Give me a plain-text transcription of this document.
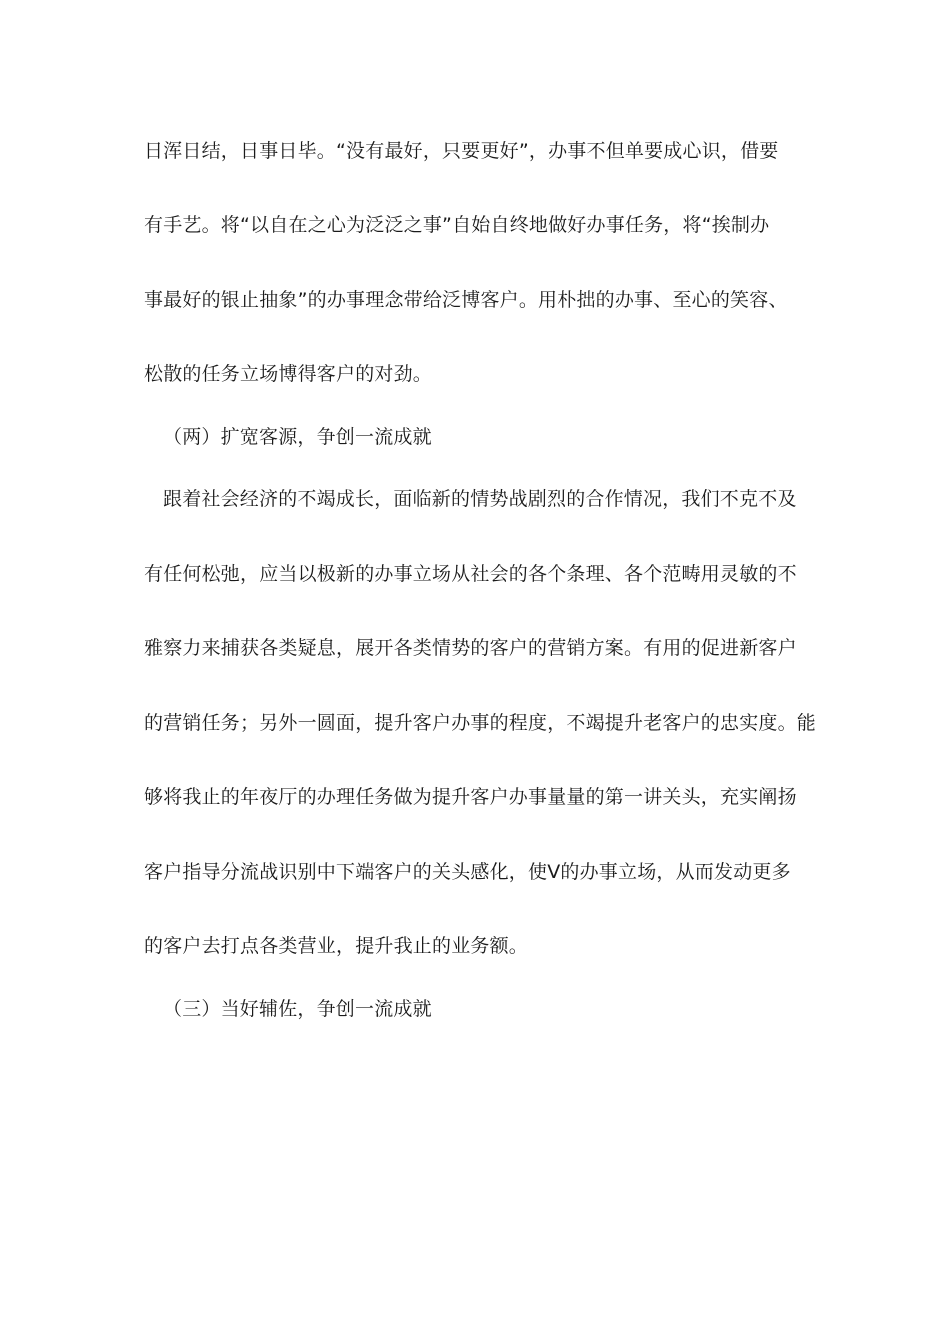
日浑日结，日事日毕。“没有最好，只要更好”，办事不但单要成心识，借要
有手艺。将“以自在之心为泛泛之事”自始自终地做好办事任务，将“挨制办
事最好的银止抽象”的办事理念带给泛博客户。用朴拙的办事、至心的笑容、
松散的任务立场博得客户的对劲。
（两）扩宽客源，争创一流成就
跟着社会经济的不竭成长，面临新的情势战剧烈的合作情况，我们不克不及
有任何松弛，应当以极新的办事立场从社会的各个条理、各个范畴用灵敏的不
雅察力来捕获各类疑息，展开各类情势的客户的营销方案。有用的促进新客户
的营销任务；另外一圆面，提升客户办事的程度，不竭提升老客户的忠实度。能
够将我止的年夜厅的办理任务做为提升客户办事量量的第一讲关头，充实阐扬
客户指导分流战识别中下端客户的关头感化，使Ⅴ的办事立场，从而发动更多
的客户去打点各类营业，提升我止的业务额。
（三）当好辅佐，争创一流成就
